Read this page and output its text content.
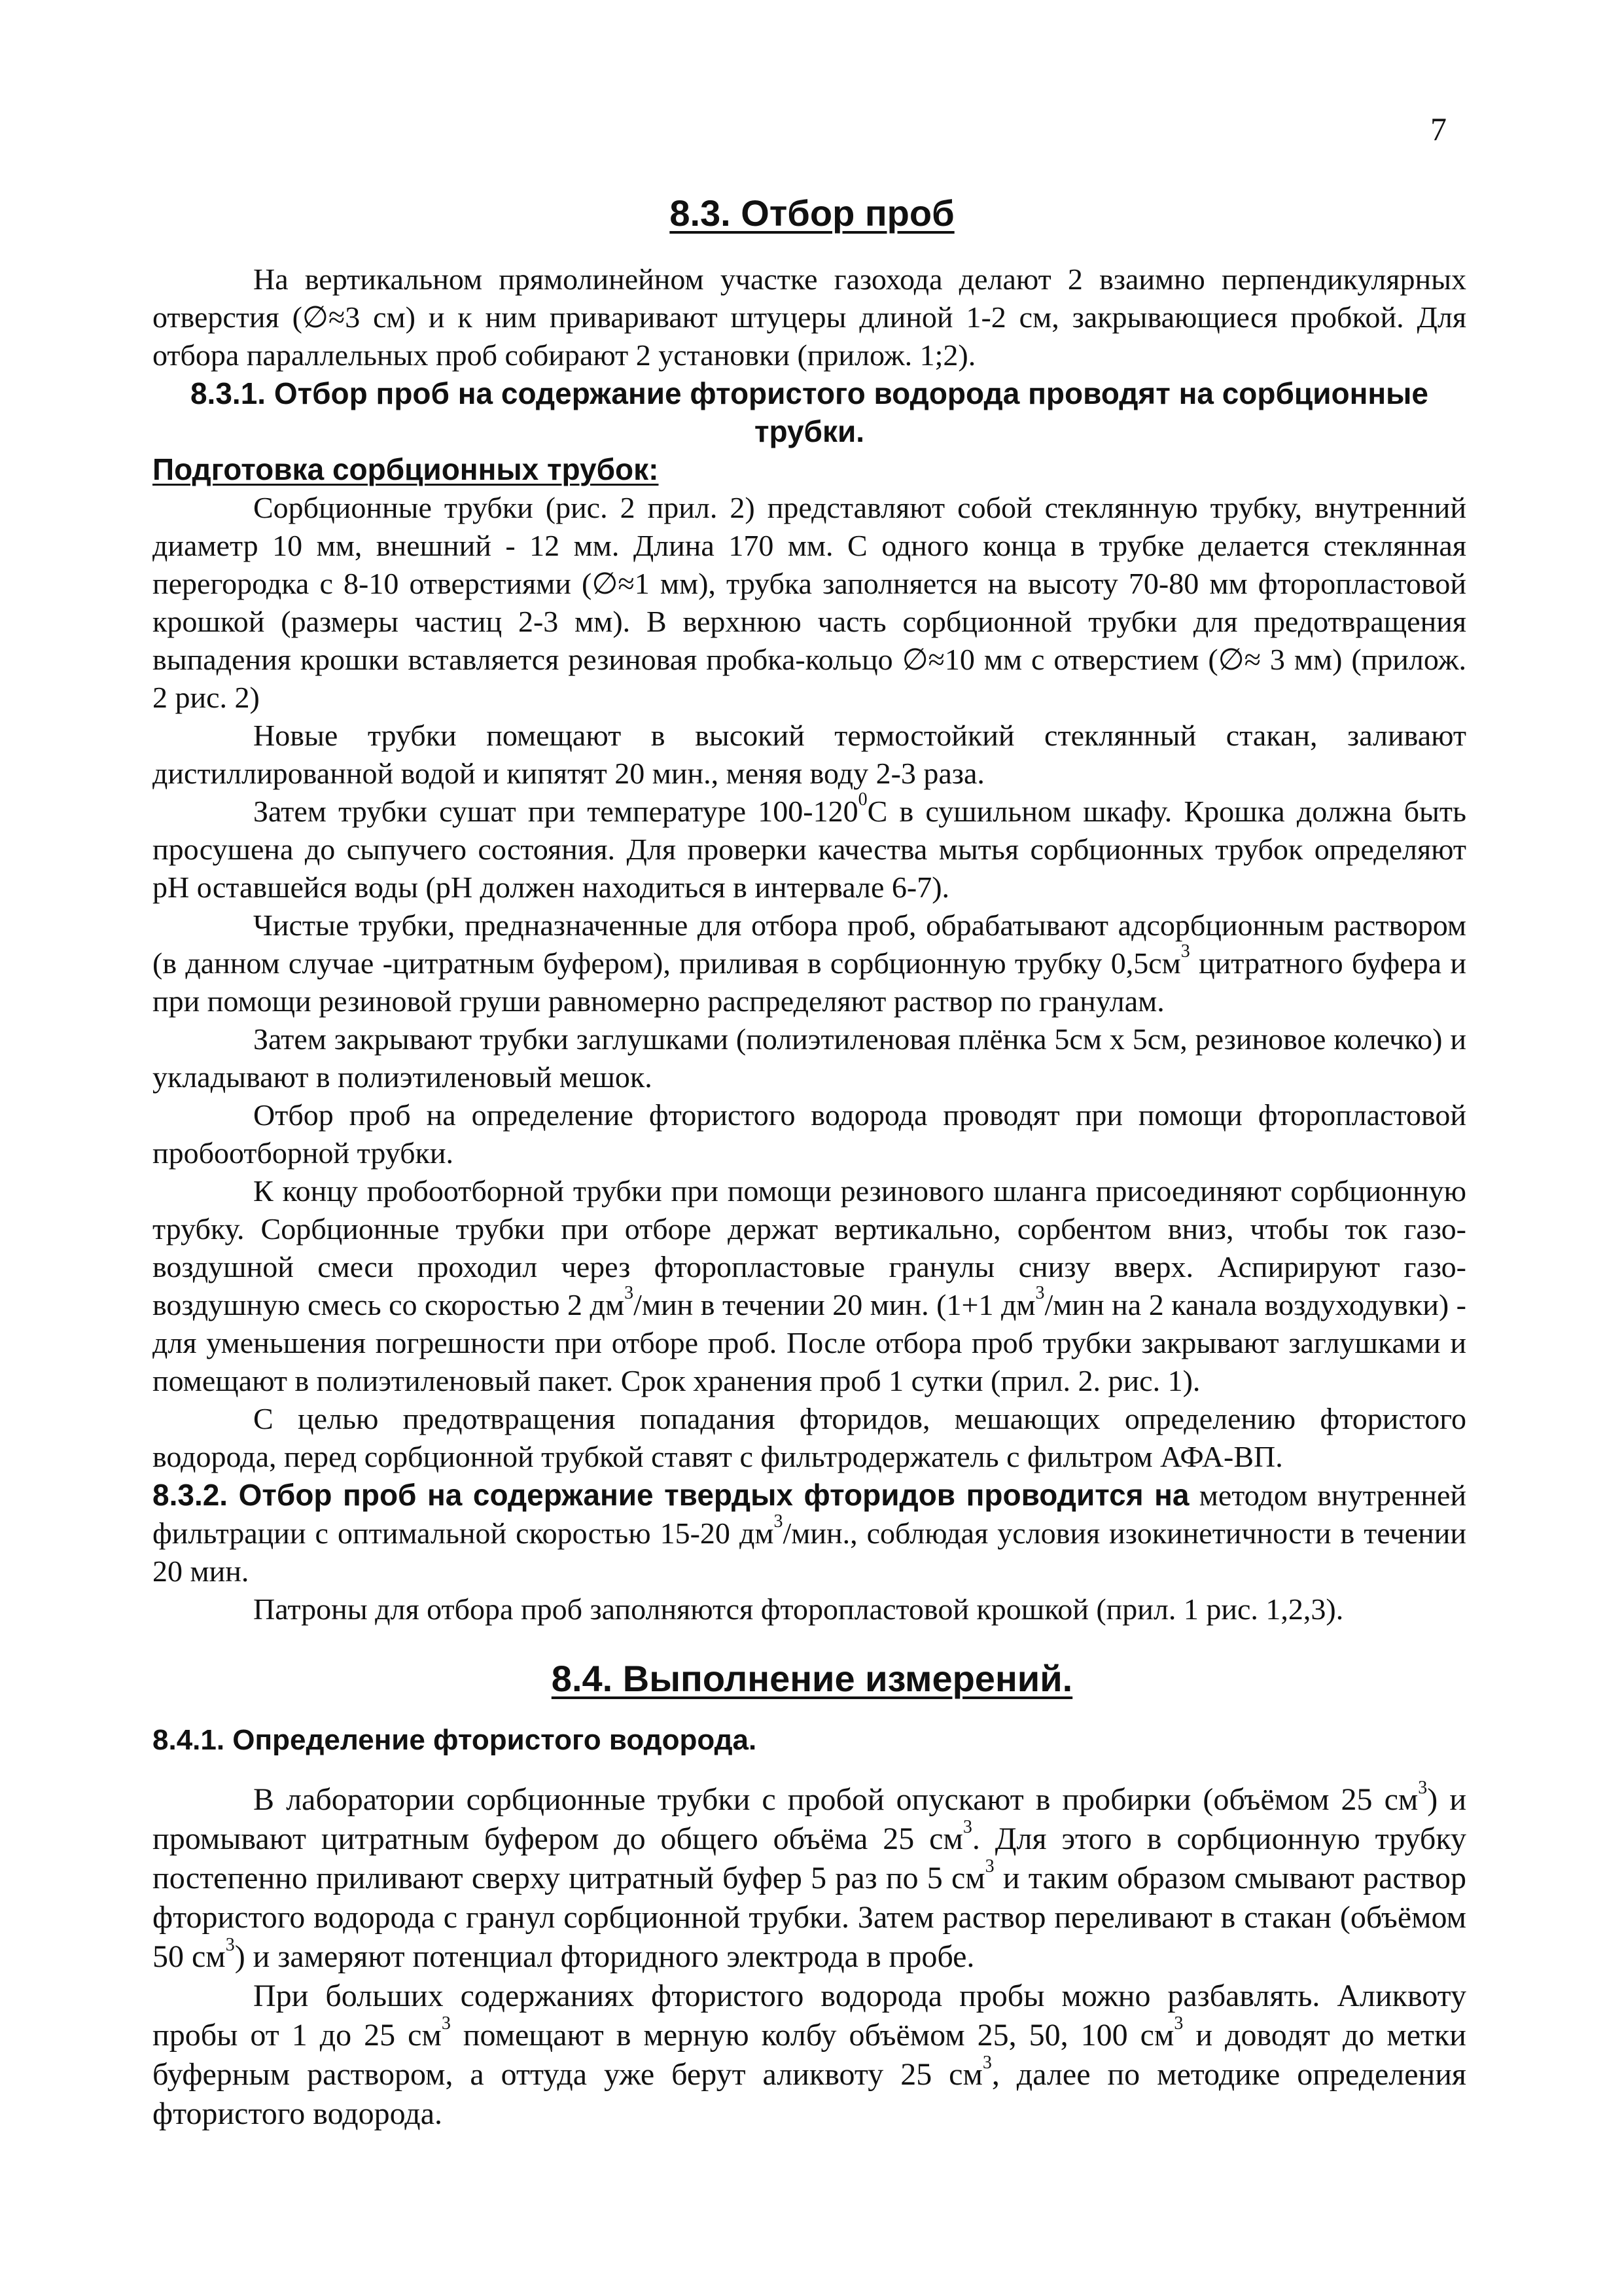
7
8.3. Отбор проб

На вертикальном прямолинейном участке газохода делают 2 взаимно перпендикулярных отверстия (∅≈3 см) и к ним приваривают штуцеры длиной 1-2 см, закрывающиеся пробкой. Для отбора параллельных проб собирают 2 установки (прилож. 1;2).

8.3.1. Отбор проб на содержание фтористого водорода проводят на сорбционные трубки.

Подготовка сорбционных трубок:

Сорбционные трубки (рис. 2 прил. 2) представляют собой стеклянную трубку, внутренний диаметр 10 мм, внешний - 12 мм. Длина 170 мм. С одного конца в трубке делается стеклянная перегородка с 8-10 отверстиями (∅≈1 мм), трубка заполняется на высоту 70-80 мм фторопластовой крошкой (размеры частиц 2-3 мм). В верхнюю часть сорбционной трубки для предотвращения выпадения крошки вставляется резиновая пробка-кольцо ∅≈10 мм с отверстием (∅≈ 3 мм) (прилож. 2 рис. 2)

Новые трубки помещают в высокий термостойкий стеклянный стакан, заливают дистиллированной водой и кипятят 20 мин., меняя воду 2-3 раза.

Затем трубки сушат при температуре $100-120^0С$ в сушильном шкафу. Крошка должна быть просушена до сыпучего состояния. Для проверки качества мытья сорбционных трубок определяют pH оставшейся воды (pH должен находиться в интервале 6-7).

Чистые трубки, предназначенные для отбора проб, обрабатывают адсорбционным раствором (в данном случае -цитратным буфером), приливая в сорбционную трубку $0,5см^3$ цитратного буфера и при помощи резиновой груши равномерно распределяют раствор по гранулам.

Затем закрывают трубки заглушками (полиэтиленовая плёнка 5см х 5см, резиновое колечко) и укладывают в полиэтиленовый мешок.

Отбор проб на определение фтористого водорода проводят при помощи фторопластовой пробоотборной трубки.

К концу пробоотборной трубки при помощи резинового шланга присоединяют сорбционную трубку. Сорбционные трубки при отборе держат вертикально, сорбентом вниз, чтобы ток газо-воздушной смеси проходил через фторопластовые гранулы снизу вверх. Аспирируют газо-воздушную смесь со скоростью 2 $дм^3$/мин в течении 20 мин. (1+1 $дм^3$/мин на 2 канала воздуходувки) - для уменьшения погрешности при отборе проб. После отбора проб трубки закрывают заглушками и помещают в полиэтиленовый пакет. Срок хранения проб 1 сутки (прил. 2. рис. 1).

С целью предотвращения попадания фторидов, мешающих определению фтористого водорода, перед сорбционной трубкой ставят с фильтродержатель с фильтром АФА-ВП.

8.3.2. Отбор проб на содержание твердых фторидов проводится на методом внутренней фильтрации с оптимальной скоростью 15-20 $дм^3$/мин., соблюдая условия изокинетичности в течении 20 мин.

Патроны для отбора проб заполняются фторопластовой крошкой (прил. 1 рис. 1,2,3).

8.4. Выполнение измерений.

8.4.1. Определение фтористого водорода.

В лаборатории сорбционные трубки с пробой опускают в пробирки (объёмом 25 $см^3$) и промывают цитратным буфером до общего объёма 25 $см^3$. Для этого в сорбционную трубку постепенно приливают сверху цитратный буфер 5 раз по 5 $см^3$ и таким образом смывают раствор фтористого водорода с гранул сорбционной трубки. Затем раствор переливают в стакан (объёмом 50 $см^3$) и замеряют потенциал фторидного электрода в пробе.

При больших содержаниях фтористого водорода пробы можно разбавлять. Аликвоту пробы от 1 до 25 $см^3$ помещают в мерную колбу объёмом 25, 50, 100 $см^3$ и доводят до метки буферным раствором, а оттуда уже берут аликвоту 25 $см^3$, далее по методике определения фтористого водорода.
